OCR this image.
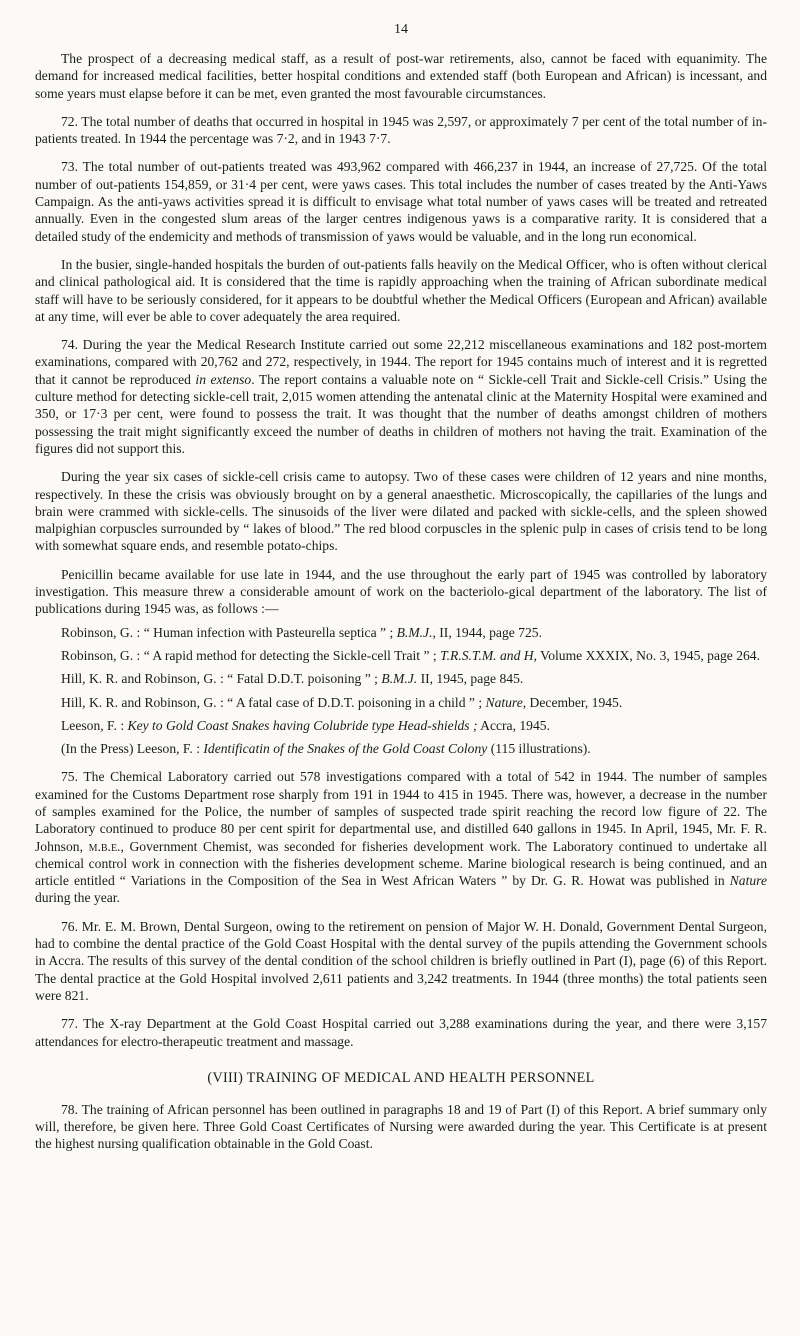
14

The prospect of a decreasing medical staff, as a result of post-war retirements, also, cannot be faced with equanimity. The demand for increased medical facilities, better hospital conditions and extended staff (both European and African) is incessant, and some years must elapse before it can be met, even granted the most favourable circumstances.

72. The total number of deaths that occurred in hospital in 1945 was 2,597, or approximately 7 per cent of the total number of in-patients treated. In 1944 the percentage was 7·2, and in 1943 7·7.

73. The total number of out-patients treated was 493,962 compared with 466,237 in 1944, an increase of 27,725. Of the total number of out-patients 154,859, or 31·4 per cent, were yaws cases. This total includes the number of cases treated by the Anti-Yaws Campaign. As the anti-yaws activities spread it is difficult to envisage what total number of yaws cases will be treated and retreated annually. Even in the congested slum areas of the larger centres indigenous yaws is a comparative rarity. It is considered that a detailed study of the endemicity and methods of transmission of yaws would be valuable, and in the long run economical.

In the busier, single-handed hospitals the burden of out-patients falls heavily on the Medical Officer, who is often without clerical and clinical pathological aid. It is considered that the time is rapidly approaching when the training of African subordinate medical staff will have to be seriously considered, for it appears to be doubtful whether the Medical Officers (European and African) available at any time, will ever be able to cover adequately the area required.

74. During the year the Medical Research Institute carried out some 22,212 miscellaneous examinations and 182 post-mortem examinations, compared with 20,762 and 272, respectively, in 1944. The report for 1945 contains much of interest and it is regretted that it cannot be reproduced in extenso. The report contains a valuable note on “ Sickle-cell Trait and Sickle-cell Crisis.” Using the culture method for detecting sickle-cell trait, 2,015 women attending the antenatal clinic at the Maternity Hospital were examined and 350, or 17·3 per cent, were found to possess the trait. It was thought that the number of deaths amongst children of mothers possessing the trait might significantly exceed the number of deaths in children of mothers not having the trait. Examination of the figures did not support this.

During the year six cases of sickle-cell crisis came to autopsy. Two of these cases were children of 12 years and nine months, respectively. In these the crisis was obviously brought on by a general anaesthetic. Microscopically, the capillaries of the lungs and brain were crammed with sickle-cells. The sinusoids of the liver were dilated and packed with sickle-cells, and the spleen showed malpighian corpuscles surrounded by “ lakes of blood.” The red blood corpuscles in the splenic pulp in cases of crisis tend to be long with somewhat square ends, and resemble potato-chips.

Penicillin became available for use late in 1944, and the use throughout the early part of 1945 was controlled by laboratory investigation. This measure threw a considerable amount of work on the bacteriolo-gical department of the laboratory. The list of publications during 1945 was, as follows :—

Robinson, G. : “ Human infection with Pasteurella septica ” ; B.M.J., II, 1944, page 725.

Robinson, G. : “ A rapid method for detecting the Sickle-cell Trait ” ; T.R.S.T.M. and H, Volume XXXIX, No. 3, 1945, page 264.

Hill, K. R. and Robinson, G. : “ Fatal D.D.T. poisoning ” ; B.M.J. II, 1945, page 845.

Hill, K. R. and Robinson, G. : “ A fatal case of D.D.T. poisoning in a child ” ; Nature, December, 1945.

Leeson, F. : Key to Gold Coast Snakes having Colubride type Head-shields ; Accra, 1945.

(In the Press) Leeson, F. : Identificatin of the Snakes of the Gold Coast Colony (115 illustrations).

75. The Chemical Laboratory carried out 578 investigations compared with a total of 542 in 1944. The number of samples examined for the Customs Department rose sharply from 191 in 1944 to 415 in 1945. There was, however, a decrease in the number of samples examined for the Police, the number of samples of suspected trade spirit reaching the record low figure of 22. The Laboratory continued to produce 80 per cent spirit for departmental use, and distilled 640 gallons in 1945. In April, 1945, Mr. F. R. Johnson, m.b.e., Government Chemist, was seconded for fisheries development work. The Laboratory continued to undertake all chemical control work in connection with the fisheries development scheme. Marine biological research is being continued, and an article entitled “ Variations in the Composition of the Sea in West African Waters ” by Dr. G. R. Howat was published in Nature during the year.

76. Mr. E. M. Brown, Dental Surgeon, owing to the retirement on pension of Major W. H. Donald, Government Dental Surgeon, had to combine the dental practice of the Gold Coast Hospital with the dental survey of the pupils attending the Government schools in Accra. The results of this survey of the dental condition of the school children is briefly outlined in Part (I), page (6) of this Report. The dental practice at the Gold Hospital involved 2,611 patients and 3,242 treatments. In 1944 (three months) the total patients seen were 821.

77. The X-ray Department at the Gold Coast Hospital carried out 3,288 examinations during the year, and there were 3,157 attendances for electro-therapeutic treatment and massage.

(VIII) TRAINING OF MEDICAL AND HEALTH PERSONNEL

78. The training of African personnel has been outlined in paragraphs 18 and 19 of Part (I) of this Report. A brief summary only will, therefore, be given here. Three Gold Coast Certificates of Nursing were awarded during the year. This Certificate is at present the highest nursing qualification obtainable in the Gold Coast.
